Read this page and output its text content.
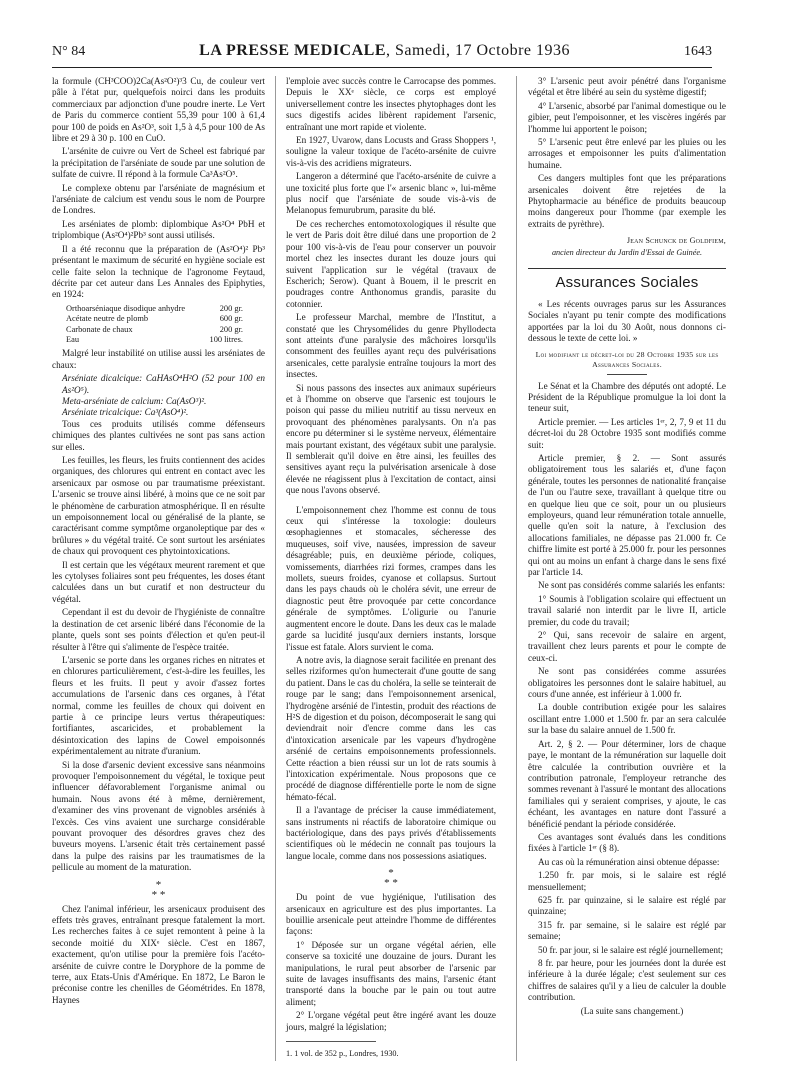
N° 84	LA PRESSE MEDICALE, Samedi, 17 Octobre 1936	1643

la formule (CH³COO)2Ca(As²O²)³3 Cu, de couleur vert pâle à l'état pur, quelquefois noirci dans les produits commerciaux par adjonction d'une poudre inerte. Le Vert de Paris du commerce contient 55,39 pour 100 à 61,4 pour 100 de poids en As²O³, soit 1,5 à 4,5 pour 100 de As libre et 29 à 30 p. 100 en CuO.

L'arsénite de cuivre ou Vert de Scheel est fabriqué par la précipitation de l'arséniate de soude par une solution de sulfate de cuivre. Il répond à la formule Ca³As²O⁵.

Le complexe obtenu par l'arséniate de magnésium et l'arséniate de calcium est vendu sous le nom de Pourpre de Londres.

Les arséniates de plomb: diplombique As²O⁴ PbH et triplombique (As²O⁴)²Pb³ sont aussi utilisés.

Il a été reconnu que la préparation de (As²O⁴)² Pb³ présentant le maximum de sécurité en hygiène sociale est celle faite selon la technique de l'agronome Feytaud, décrite par cet auteur dans Les Annales des Epiphyties, en 1924:

Orthoarséniaque disodique anhydre	200 gr.
Acétate neutre de plomb	600 gr.
Carbonate de chaux	200 gr.
Eau	100 litres.

Malgré leur instabilité on utilise aussi les arséniates de chaux:

Arséniate dicalcique: CaHAsO⁴H²O (52 pour 100 en As²O⁵).

Meta-arséniate de calcium: Ca(AsO³)².

Arséniate tricalcique: Ca³(AsO⁴)².

Tous ces produits utilisés comme défenseurs chimiques des plantes cultivées ne sont pas sans action sur elles.

Les feuilles, les fleurs, les fruits contiennent des acides organiques, des chlorures qui entrent en contact avec les arsenicaux par osmose ou par traumatisme préexistant. L'arsenic se trouve ainsi libéré, à moins que ce ne soit par le phénomène de carburation atmosphérique. Il en résulte un empoisonnement local ou généralisé de la plante, se caractérisant comme symptôme organoleptique par des « brûlures » du végétal traité. Ce sont surtout les arséniates de chaux qui provoquent ces phytointoxications.

Il est certain que les végétaux meurent rarement et que les cytolyses foliaires sont peu fréquentes, les doses étant calculées dans un but curatif et non destructeur du végétal.

Cependant il est du devoir de l'hygiéniste de connaître la destination de cet arsenic libéré dans l'économie de la plante, quels sont ses points d'élection et qu'en peut-il résulter à l'être qui s'alimente de l'espèce traitée.

L'arsenic se porte dans les organes riches en nitrates et en chlorures particulièrement, c'est-à-dire les feuilles, les fleurs et les fruits. Il peut y avoir d'assez fortes accumulations de l'arsenic dans ces organes, à l'état normal, comme les feuilles de choux qui doivent en partie à ce principe leurs vertus thérapeutiques: fortifiantes, ascaricides, et probablement la désintoxication des lapins de Cowel empoisonnés expérimentalement au nitrate d'uranium.

Si la dose d'arsenic devient excessive sans néanmoins provoquer l'empoisonnement du végétal, le toxique peut influencer défavorablement l'organisme animal ou humain. Nous avons été à même, dernièrement, d'examiner des vins provenant de vignobles arséniés à l'excès. Ces vins avaient une surcharge considérable pouvant provoquer des désordres graves chez des buveurs moyens. L'arsenic était très certainement passé dans la pulpe des raisins par les traumatismes de la pellicule au moment de la maturation.

*
* *

Chez l'animal inférieur, les arsenicaux produisent des effets très graves, entraînant presque fatalement la mort. Les recherches faites à ce sujet remontent à peine à la seconde moitié du XIXᵉ siècle. C'est en 1867, exactement, qu'on utilise pour la première fois l'acéto-arsénite de cuivre contre le Doryphore de la pomme de terre, aux Etats-Unis d'Amérique. En 1872, Le Baron le préconise contre les chenilles de Géométrides. En 1878, Haynes

l'emploie avec succès contre le Carrocapse des pommes. Depuis le XXᵉ siècle, ce corps est employé universellement contre les insectes phytophages dont les sucs digestifs acides libèrent rapidement l'arsenic, entraînant une mort rapide et violente.

En 1927, Uvarow, dans Locusts and Grass Shoppers ¹, souligne la valeur toxique de l'acéto-arsénite de cuivre vis-à-vis des acridiens migrateurs.

Langeron a déterminé que l'acéto-arsénite de cuivre a une toxicité plus forte que l'« arsenic blanc », lui-même plus nocif que l'arséniate de soude vis-à-vis de Melanopus femurubrum, parasite du blé.

De ces recherches entomotoxologiques il résulte que le vert de Paris doit être dilué dans une proportion de 2 pour 100 vis-à-vis de l'eau pour conserver un pouvoir mortel chez les insectes durant les douze jours qui suivent l'application sur le végétal (travaux de Escherich; Serow). Quant à Bouem, il le prescrit en poudrages contre Anthonomus grandis, parasite du cotonnier.

Le professeur Marchal, membre de l'Institut, a constaté que les Chrysomélides du genre Phyllodecta sont atteints d'une paralysie des mâchoires lorsqu'ils consomment des feuilles ayant reçu des pulvérisations arsenicales, cette paralysie entraîne toujours la mort des insectes.

Si nous passons des insectes aux animaux supérieurs et à l'homme on observe que l'arsenic est toujours le poison qui passe du milieu nutritif au tissu nerveux en provoquant des phénomènes paralysants. On n'a pas encore pu déterminer si le système nerveux, élémentaire mais pourtant existant, des végétaux subit une paralysie. Il semblerait qu'il doive en être ainsi, les feuilles des sensitives ayant reçu la pulvérisation arsenicale à dose élevée ne réagissent plus à l'excitation de contact, ainsi que nous l'avons observé.

L'empoisonnement chez l'homme est connu de tous ceux qui s'intéresse la toxologie: douleurs œsophagiennes et stomacales, sécheresse des muqueuses, soif vive, nausées, impression de saveur désagréable; puis, en deuxième période, coliques, vomissements, diarrhées rizi formes, crampes dans les mollets, sueurs froides, cyanose et collapsus. Surtout dans les pays chauds où le choléra sévit, une erreur de diagnostic peut être provoquée par cette concordance générale de symptômes. L'oligurie ou l'anurie augmentent encore le doute. Dans les deux cas le malade garde sa lucidité jusqu'aux derniers instants, lorsque l'issue est fatale. Alors survient le coma.

A notre avis, la diagnose serait facilitée en prenant des selles riziformes qu'on humecterait d'une goutte de sang du patient. Dans le cas du choléra, la selle se teinterait de rouge par le sang; dans l'empoisonnement arsenical, l'hydrogène arsénié de l'intestin, produit des réactions de H²S de digestion et du poison, décomposerait le sang qui deviendrait noir d'encre comme dans les cas d'intoxication arsenicale par les vapeurs d'hydrogène arsénié de certains empoisonnements professionnels. Cette réaction a bien réussi sur un lot de rats soumis à l'intoxication expérimentale. Nous proposons que ce procédé de diagnose différentielle porte le nom de signe hémato-fécal.

Il a l'avantage de préciser la cause immédiatement, sans instruments ni réactifs de laboratoire chimique ou bactériologique, dans des pays privés d'établissements scientifiques où le médecin ne connaît pas toujours la langue locale, comme dans nos possessions asiatiques.

*
* *

Du point de vue hygiénique, l'utilisation des arsenicaux en agriculture est des plus importantes. La bouillie arsenicale peut atteindre l'homme de différentes façons:

1° Déposée sur un organe végétal aérien, elle conserve sa toxicité une douzaine de jours. Durant les manipulations, le rural peut absorber de l'arsenic par suite de lavages insuffisants des mains, l'arsenic étant transporté dans la bouche par le pain ou tout autre aliment;

2° L'organe végétal peut être ingéré avant les douze jours, malgré la législation;

1. 1 vol. de 352 p., Londres, 1930.

3° L'arsenic peut avoir pénétré dans l'organisme végétal et être libéré au sein du système digestif;

4° L'arsenic, absorbé par l'animal domestique ou le gibier, peut l'empoisonner, et les viscères ingérés par l'homme lui apportent le poison;

5° L'arsenic peut être enlevé par les pluies ou les arrosages et empoisonner les puits d'alimentation humaine.

Ces dangers multiples font que les préparations arsenicales doivent être rejetées de la Phytopharmacie au bénéfice de produits beaucoup moins dangereux pour l'homme (par exemple les extraits de pyrèthre).

Jean Schunck de Goldfiem,
ancien directeur du Jardin d'Essai de Guinée.
Assurances Sociales

« Les récents ouvrages parus sur les Assurances Sociales n'ayant pu tenir compte des modifications apportées par la loi du 30 Août, nous donnons ci-dessous le texte de cette loi. »

Loi modifiant le décret-loi du 28 Octobre 1935 sur les Assurances Sociales.

Le Sénat et la Chambre des députés ont adopté. Le Président de la République promulgue la loi dont la teneur suit,

Article premier. — Les articles 1ᵉʳ, 2, 7, 9 et 11 du décret-loi du 28 Octobre 1935 sont modifiés comme suit:

Article premier, § 2. — Sont assurés obligatoirement tous les salariés et, d'une façon générale, toutes les personnes de nationalité française de l'un ou l'autre sexe, travaillant à quelque titre ou en quelque lieu que ce soit, pour un ou plusieurs employeurs, quand leur rémunération totale annuelle, quelle qu'en soit la nature, à l'exclusion des allocations familiales, ne dépasse pas 21.000 fr. Ce chiffre limite est porté à 25.000 fr. pour les personnes qui ont au moins un enfant à charge dans le sens fixé par l'article 14.

Ne sont pas considérés comme salariés les enfants:

1° Soumis à l'obligation scolaire qui effectuent un travail salarié non interdit par le livre II, article premier, du code du travail;

2° Qui, sans recevoir de salaire en argent, travaillent chez leurs parents et pour le compte de ceux-ci.

Ne sont pas considérées comme assurées obligatoires les personnes dont le salaire habituel, au cours d'une année, est inférieur à 1.000 fr.

La double contribution exigée pour les salaires oscillant entre 1.000 et 1.500 fr. par an sera calculée sur la base du salaire annuel de 1.500 fr.

Art. 2, § 2. — Pour déterminer, lors de chaque paye, le montant de la rémunération sur laquelle doit être calculée la contribution ouvrière et la contribution patronale, l'employeur retranche des sommes revenant à l'assuré le montant des allocations familiales qui y seraient comprises, y ajoute, le cas échéant, les avantages en nature dont l'assuré a bénéficié pendant la période considérée.

Ces avantages sont évalués dans les conditions fixées à l'article 1ᵉʳ (§ 8).

Au cas où la rémunération ainsi obtenue dépasse:

1.250 fr. par mois, si le salaire est réglé mensuellement;

625 fr. par quinzaine, si le salaire est réglé par quinzaine;

315 fr. par semaine, si le salaire est réglé par semaine;

50 fr. par jour, si le salaire est réglé journellement;

8 fr. par heure, pour les journées dont la durée est inférieure à la durée légale; c'est seulement sur ces chiffres de salaires qu'il y a lieu de calculer la double contribution.

(La suite sans changement.)
